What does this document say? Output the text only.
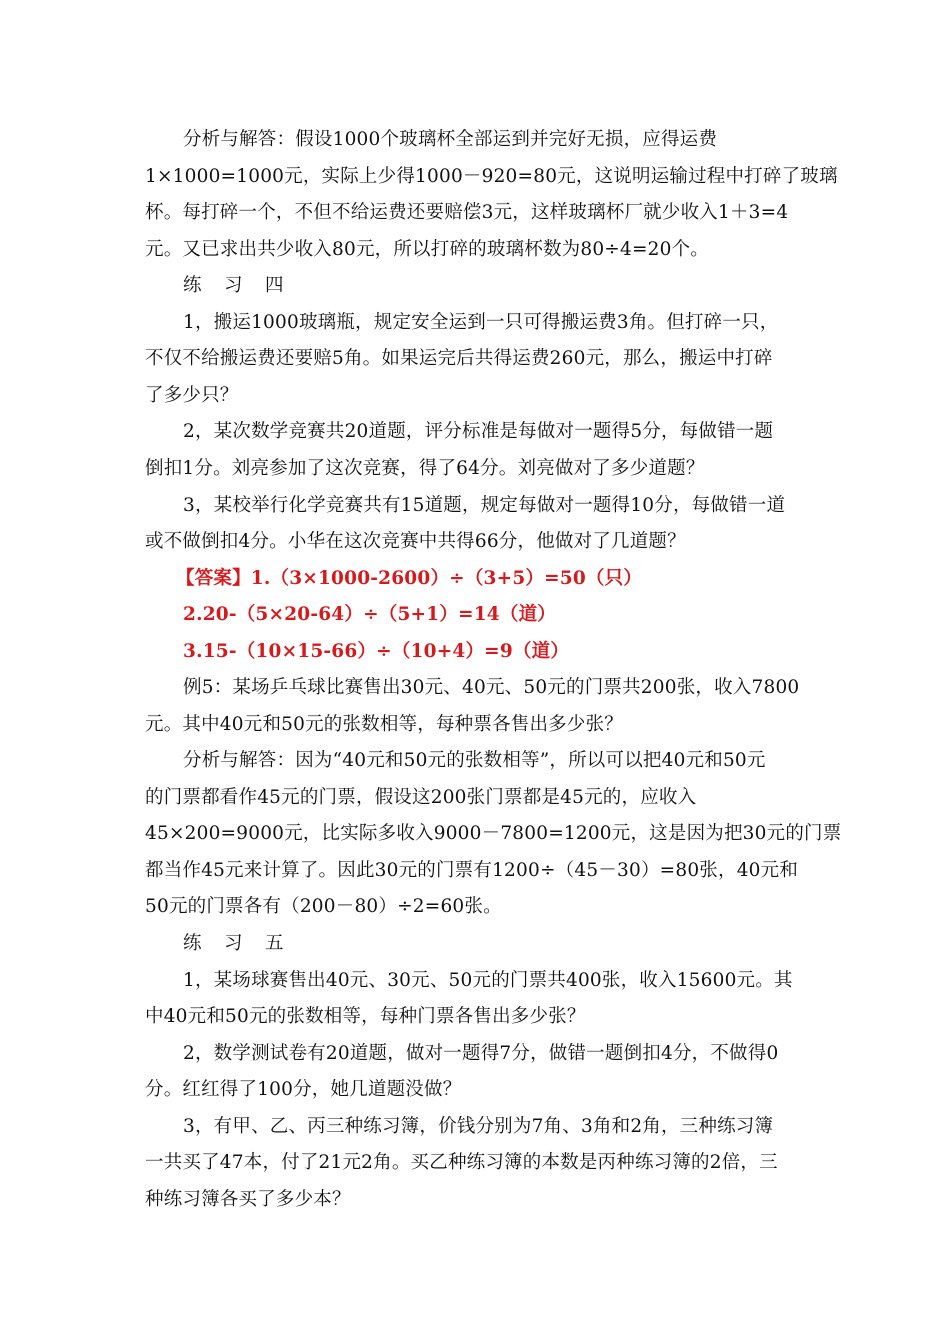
分析与解答：假设1000个玻璃杯全部运到并完好无损，应得运费
1×1000=1000元，实际上少得1000－920=80元，这说明运输过程中打碎了玻璃
杯。每打碎一个，不但不给运费还要赔偿3元，这样玻璃杯厂就少收入1＋3=4
元。又已求出共少收入80元，所以打碎的玻璃杯数为80÷4=20个。
练　习　四
1，搬运1000玻璃瓶，规定安全运到一只可得搬运费3角。但打碎一只，
不仅不给搬运费还要赔5角。如果运完后共得运费260元，那么，搬运中打碎
了多少只？
2，某次数学竞赛共20道题，评分标准是每做对一题得5分，每做错一题
倒扣1分。刘亮参加了这次竞赛，得了64分。刘亮做对了多少道题？
3，某校举行化学竞赛共有15道题，规定每做对一题得10分，每做错一道
或不做倒扣4分。小华在这次竞赛中共得66分，他做对了几道题？
【答案】1.（3×1000-2600）÷（3+5）=50（只）
2.20-（5×20-64）÷（5+1）=14（道）
3.15-（10×15-66）÷（10+4）=9（道）
例5：某场乒乓球比赛售出30元、40元、50元的门票共200张，收入7800
元。其中40元和50元的张数相等，每种票各售出多少张？
分析与解答：因为“40元和50元的张数相等”，所以可以把40元和50元
的门票都看作45元的门票，假设这200张门票都是45元的，应收入
45×200=9000元，比实际多收入9000－7800=1200元，这是因为把30元的门票
都当作45元来计算了。因此30元的门票有1200÷（45－30）=80张，40元和
50元的门票各有（200－80）÷2=60张。
练　习　五
1，某场球赛售出40元、30元、50元的门票共400张，收入15600元。其
中40元和50元的张数相等，每种门票各售出多少张？
2，数学测试卷有20道题，做对一题得7分，做错一题倒扣4分，不做得0
分。红红得了100分，她几道题没做？
3，有甲、乙、丙三种练习簿，价钱分别为7角、3角和2角，三种练习簿
一共买了47本，付了21元2角。买乙种练习簿的本数是丙种练习簿的2倍，三
种练习簿各买了多少本？
